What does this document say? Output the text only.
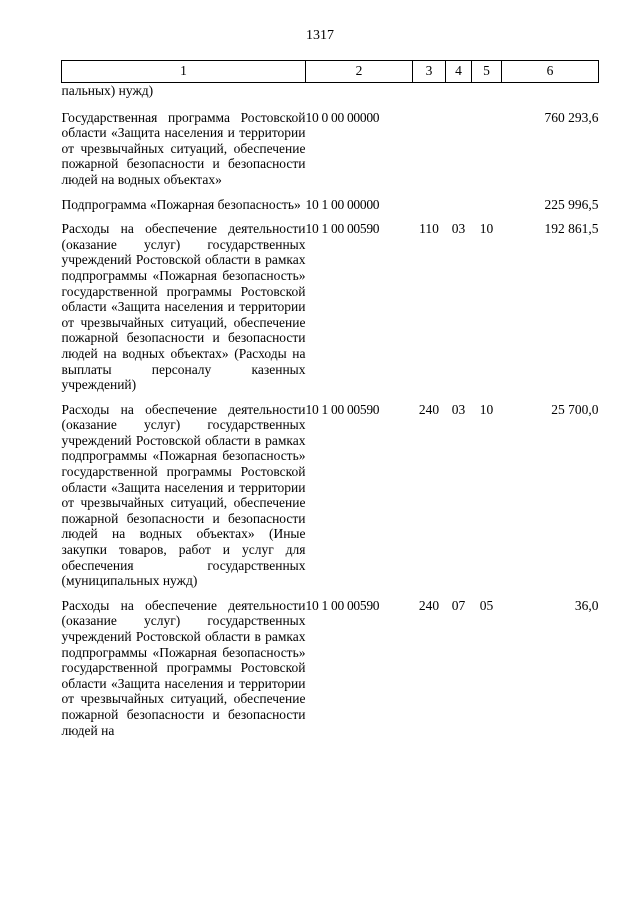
1317
1	2	3	4	5	6
пальных) нужд)					
Государственная программа Ростовской области «Защита населения и территории от чрезвычайных ситуаций, обеспечение пожарной безопасности и безопасности людей на водных объектах»	10 0 00 00000				760 293,6
Подпрограмма «Пожарная безопасность»	10 1 00 00000				225 996,5
Расходы на обеспечение деятельности (оказание услуг) государственных учреждений Ростовской области в рамках подпрограммы «Пожарная безопасность» государственной программы Ростовской области «Защита населения и территории от чрезвычайных ситуаций, обеспечение пожарной безопасности и безопасности людей на водных объектах» (Расходы на выплаты персоналу казенных учреждений)	10 1 00 00590	110	03	10	192 861,5
Расходы на обеспечение деятельности (оказание услуг) государственных учреждений Ростовской области в рамках подпрограммы «Пожарная безопасность» государственной программы Ростовской области «Защита населения и территории от чрезвычайных ситуаций, обеспечение пожарной безопасности и безопасности людей на водных объектах» (Иные закупки товаров, работ и услуг для обеспечения государственных (муниципальных нужд)	10 1 00 00590	240	03	10	25 700,0
Расходы на обеспечение деятельности (оказание услуг) государственных учреждений Ростовской области в рамках подпрограммы «Пожарная безопасность» государственной программы Ростовской области «Защита населения и территории от чрезвычайных ситуаций, обеспечение пожарной безопасности и безопасности людей на	10 1 00 00590	240	07	05	36,0
